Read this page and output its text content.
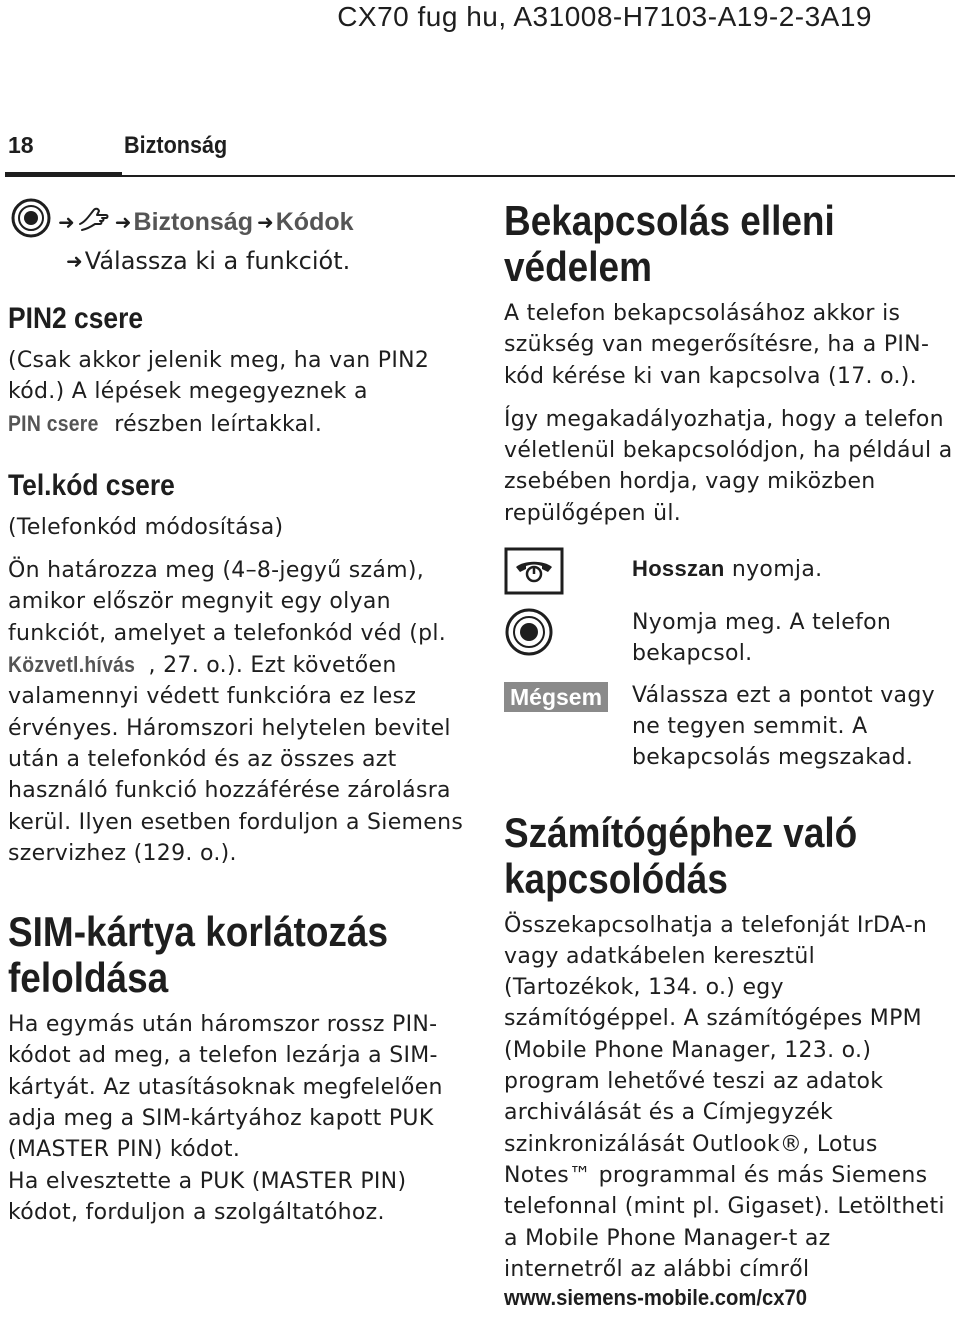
CX70 fug hu, A31008-H7103-A19-2-3A19
18	Biztonság
➜ ➜ Biztonság ➜ Kódok
➜ Válassza ki a funkciót.
PIN2 csere

(Csak akkor jelenik meg, ha van PIN2 kód.) A lépések megegyeznek a PIN csere részben leírtakkal.

Tel.kód csere

(Telefonkód módosítása)

Ön határozza meg (4–8-jegyű szám), amikor először megnyit egy olyan funkciót, amelyet a telefonkód véd (pl. Közvetl.hívás , 27. o.). Ezt követően valamennyi védett funkcióra ez lesz érvényes. Háromszori helytelen bevitel után a telefonkód és az összes azt használó funkció hozzáférése zárolásra kerül. Ilyen esetben forduljon a Siemens szervizhez (129. o.).

SIM-kártya korlátozás feloldása

Ha egymás után háromszor rossz PIN-kódot ad meg, a telefon lezárja a SIM-kártyát. Az utasításoknak megfelelően adja meg a SIM-kártyához kapott PUK (MASTER PIN) kódot.

Ha elvesztette a PUK (MASTER PIN) kódot, forduljon a szolgáltatóhoz.

Bekapcsolás elleni védelem

A telefon bekapcsolásához akkor is szükség van megerősítésre, ha a PIN-kód kérése ki van kapcsolva (17. o.).

Így megakadályozhatja, hogy a telefon véletlenül bekapcsolódjon, ha például a zsebében hordja, vagy miközben repülőgépen ül.

Hosszan nyomja.

Nyomja meg. A telefon bekapcsol.

Mégsem	Válassza ezt a pontot vagy ne tegyen semmit. A bekapcsolás megszakad.

Számítógéphez való kapcsolódás

Összekapcsolhatja a telefonját IrDA-n vagy adatkábelen keresztül (Tartozékok, 134. o.) egy számítógéppel. A számítógépes MPM (Mobile Phone Manager, 123. o.) program lehetővé teszi az adatok archiválását és a Címjegyzék szinkronizálását Outlook®, Lotus Notes™ programmal és más Siemens telefonnal (mint pl. Gigaset). Letöltheti a Mobile Phone Manager-t az internetről az alábbi címről

www.siemens-mobile.com/cx70
